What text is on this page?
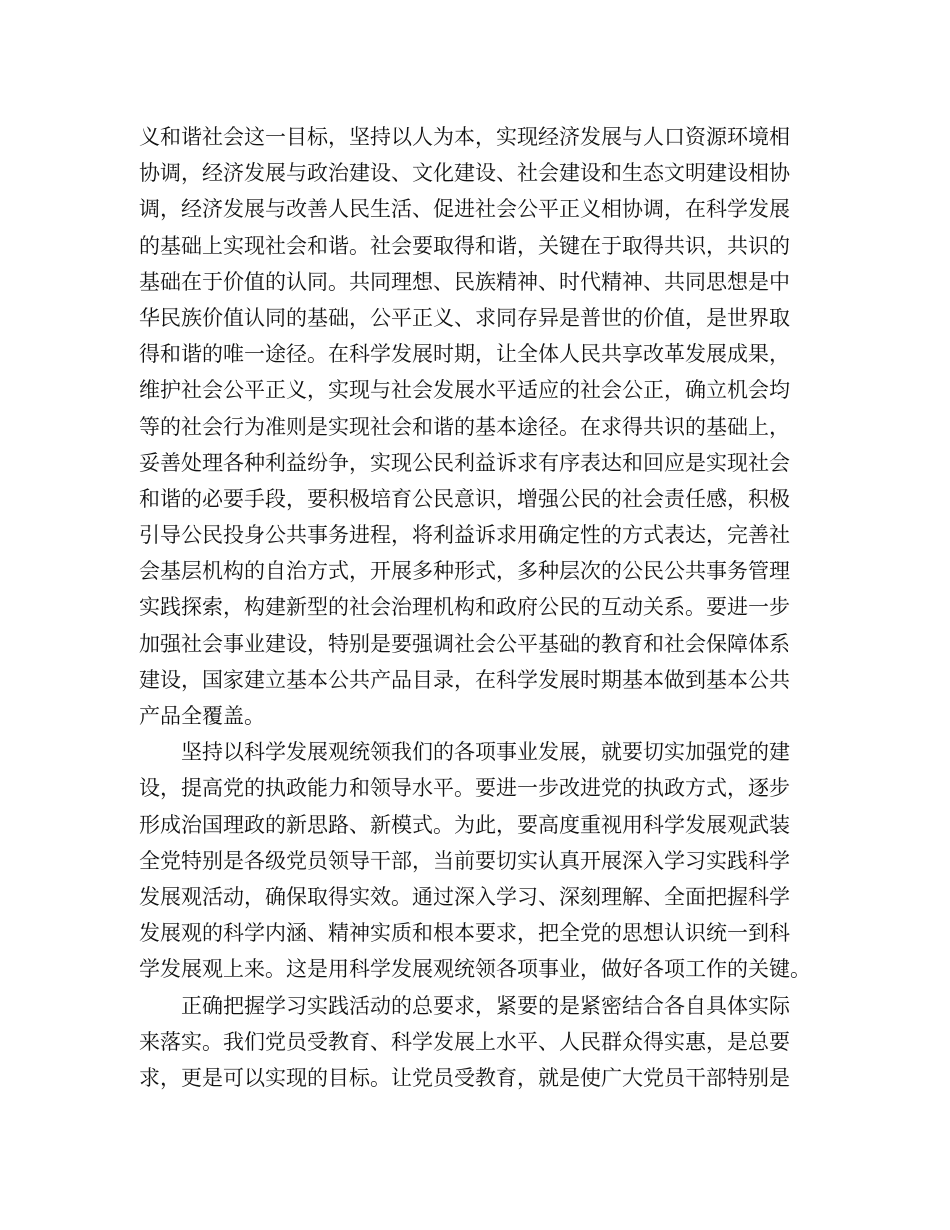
义和谐社会这一目标，坚持以人为本，实现经济发展与人口资源环境相
协调，经济发展与政治建设、文化建设、社会建设和生态文明建设相协
调，经济发展与改善人民生活、促进社会公平正义相协调，在科学发展
的基础上实现社会和谐。社会要取得和谐，关键在于取得共识，共识的
基础在于价值的认同。共同理想、民族精神、时代精神、共同思想是中
华民族价值认同的基础，公平正义、求同存异是普世的价值，是世界取
得和谐的唯一途径。在科学发展时期，让全体人民共享改革发展成果，
维护社会公平正义，实现与社会发展水平适应的社会公正，确立机会均
等的社会行为准则是实现社会和谐的基本途径。在求得共识的基础上，
妥善处理各种利益纷争，实现公民利益诉求有序表达和回应是实现社会
和谐的必要手段，要积极培育公民意识，增强公民的社会责任感，积极
引导公民投身公共事务进程，将利益诉求用确定性的方式表达，完善社
会基层机构的自治方式，开展多种形式，多种层次的公民公共事务管理
实践探索，构建新型的社会治理机构和政府公民的互动关系。要进一步
加强社会事业建设，特别是要强调社会公平基础的教育和社会保障体系
建设，国家建立基本公共产品目录，在科学发展时期基本做到基本公共
产品全覆盖。
　　坚持以科学发展观统领我们的各项事业发展，就要切实加强党的建
设，提高党的执政能力和领导水平。要进一步改进党的执政方式，逐步
形成治国理政的新思路、新模式。为此，要高度重视用科学发展观武装
全党特别是各级党员领导干部，当前要切实认真开展深入学习实践科学
发展观活动，确保取得实效。通过深入学习、深刻理解、全面把握科学
发展观的科学内涵、精神实质和根本要求，把全党的思想认识统一到科
学发展观上来。这是用科学发展观统领各项事业，做好各项工作的关键。
　　正确把握学习实践活动的总要求，紧要的是紧密结合各自具体实际
来落实。我们党员受教育、科学发展上水平、人民群众得实惠，是总要
求，更是可以实现的目标。让党员受教育，就是使广大党员干部特别是
